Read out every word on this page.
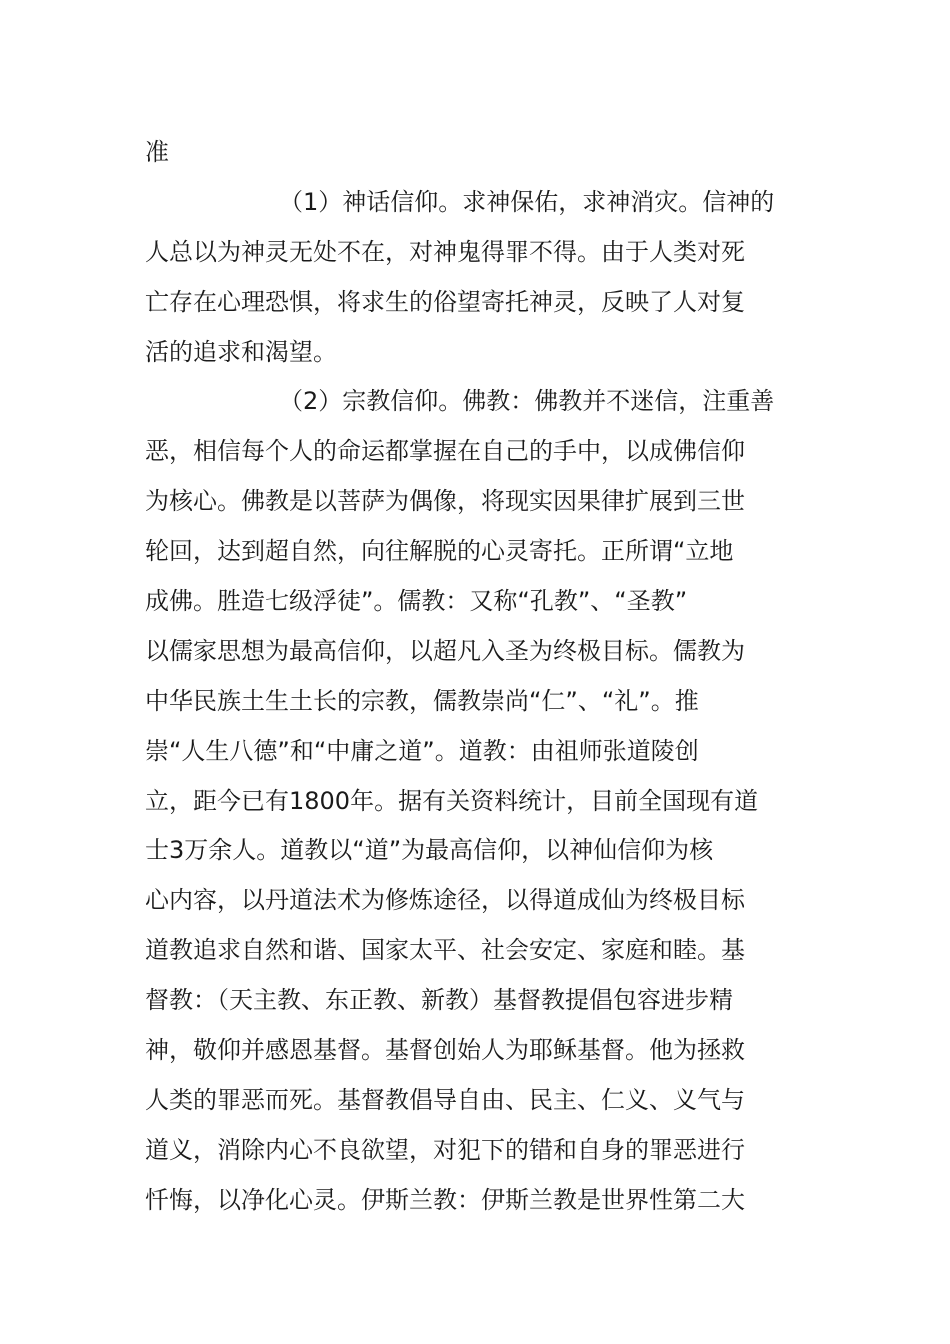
准
（1）神话信仰。求神保佑，求神消灾。信神的
人总以为神灵无处不在，对神鬼得罪不得。由于人类对死
亡存在心理恐惧，将求生的俗望寄托神灵，反映了人对复
活的追求和渴望。
（2）宗教信仰。佛教：佛教并不迷信，注重善
恶，相信每个人的命运都掌握在自己的手中，以成佛信仰
为核心。佛教是以菩萨为偶像，将现实因果律扩展到三世
轮回，达到超自然，向往解脱的心灵寄托。正所谓“立地
成佛。胜造七级浮徒”。儒教：又称“孔教”、“圣教”
以儒家思想为最高信仰，以超凡入圣为终极目标。儒教为
中华民族土生土长的宗教，儒教崇尚“仁”、“礼”。推
崇“人生八德”和“中庸之道”。道教：由祖师张道陵创
立，距今已有1800年。据有关资料统计，目前全国现有道
士3万余人。道教以“道”为最高信仰，以神仙信仰为核
心内容，以丹道法术为修炼途径，以得道成仙为终极目标
道教追求自然和谐、国家太平、社会安定、家庭和睦。基
督教：（天主教、东正教、新教）基督教提倡包容进步精
神，敬仰并感恩基督。基督创始人为耶稣基督。他为拯救
人类的罪恶而死。基督教倡导自由、民主、仁义、义气与
道义，消除内心不良欲望，对犯下的错和自身的罪恶进行
忏悔，以净化心灵。伊斯兰教：伊斯兰教是世界性第二大
